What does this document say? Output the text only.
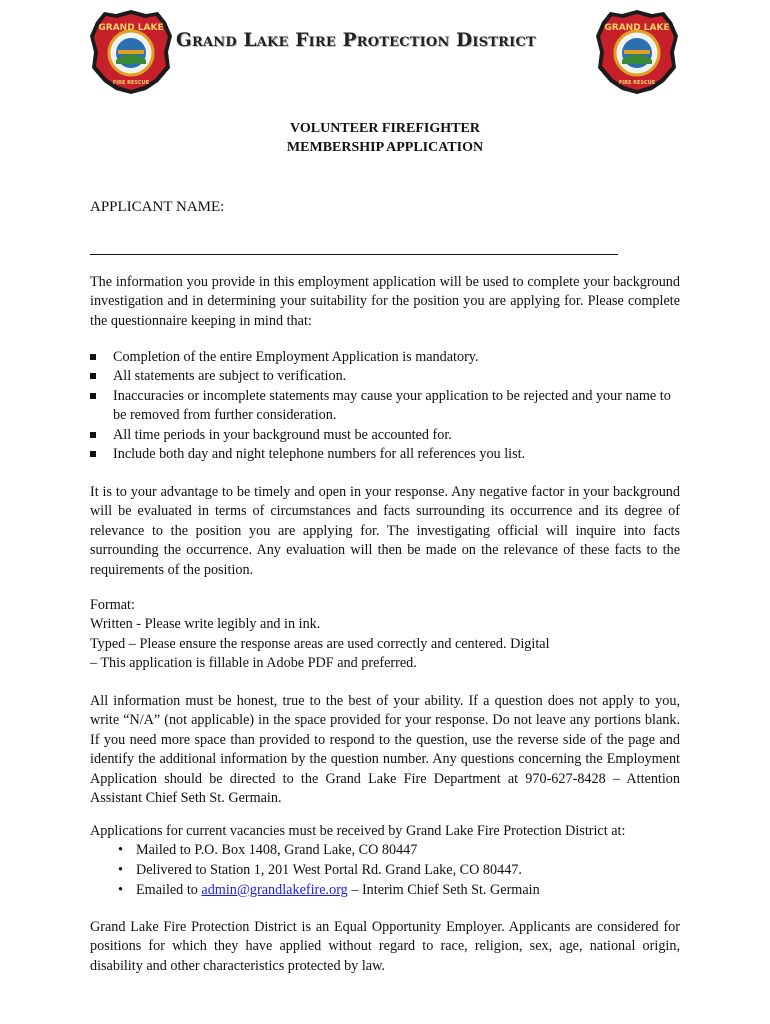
GRAND LAKE
FIRE RESCUE
Grand Lake Fire Protection District
GRAND LAKE
FIRE RESCUE
VOLUNTEER FIREFIGHTER
MEMBERSHIP APPLICATION
APPLICANT NAME:
The information you provide in this employment application will be used to complete your background investigation and in determining your suitability for the position you are applying for. Please complete the questionnaire keeping in mind that:
Completion of the entire Employment Application is mandatory.
All statements are subject to verification.
Inaccuracies or incomplete statements may cause your application to be rejected and your name to be removed from further consideration.
All time periods in your background must be accounted for.
Include both day and night telephone numbers for all references you list.
It is to your advantage to be timely and open in your response. Any negative factor in your background will be evaluated in terms of circumstances and facts surrounding its occurrence and its degree of relevance to the position you are applying for. The investigating official will inquire into facts surrounding the occurrence. Any evaluation will then be made on the relevance of these facts to the requirements of the position.
Format:
Written - Please write legibly and in ink.
Typed – Please ensure the response areas are used correctly and centered. Digital
– This application is fillable in Adobe PDF and preferred.
All information must be honest, true to the best of your ability. If a question does not apply to you, write “N/A” (not applicable) in the space provided for your response. Do not leave any portions blank. If you need more space than provided to respond to the question, use the reverse side of the page and identify the additional information by the question number. Any questions concerning the Employment Application should be directed to the Grand Lake Fire Department at 970-627-8428 – Attention Assistant Chief Seth St. Germain.
Applications for current vacancies must be received by Grand Lake Fire Protection District at:
• Mailed to P.O. Box 1408, Grand Lake, CO 80447
• Delivered to Station 1, 201 West Portal Rd. Grand Lake, CO 80447.
• Emailed to admin@grandlakefire.org – Interim Chief Seth St. Germain
Grand Lake Fire Protection District is an Equal Opportunity Employer. Applicants are considered for positions for which they have applied without regard to race, religion, sex, age, national origin, disability and other characteristics protected by law.
